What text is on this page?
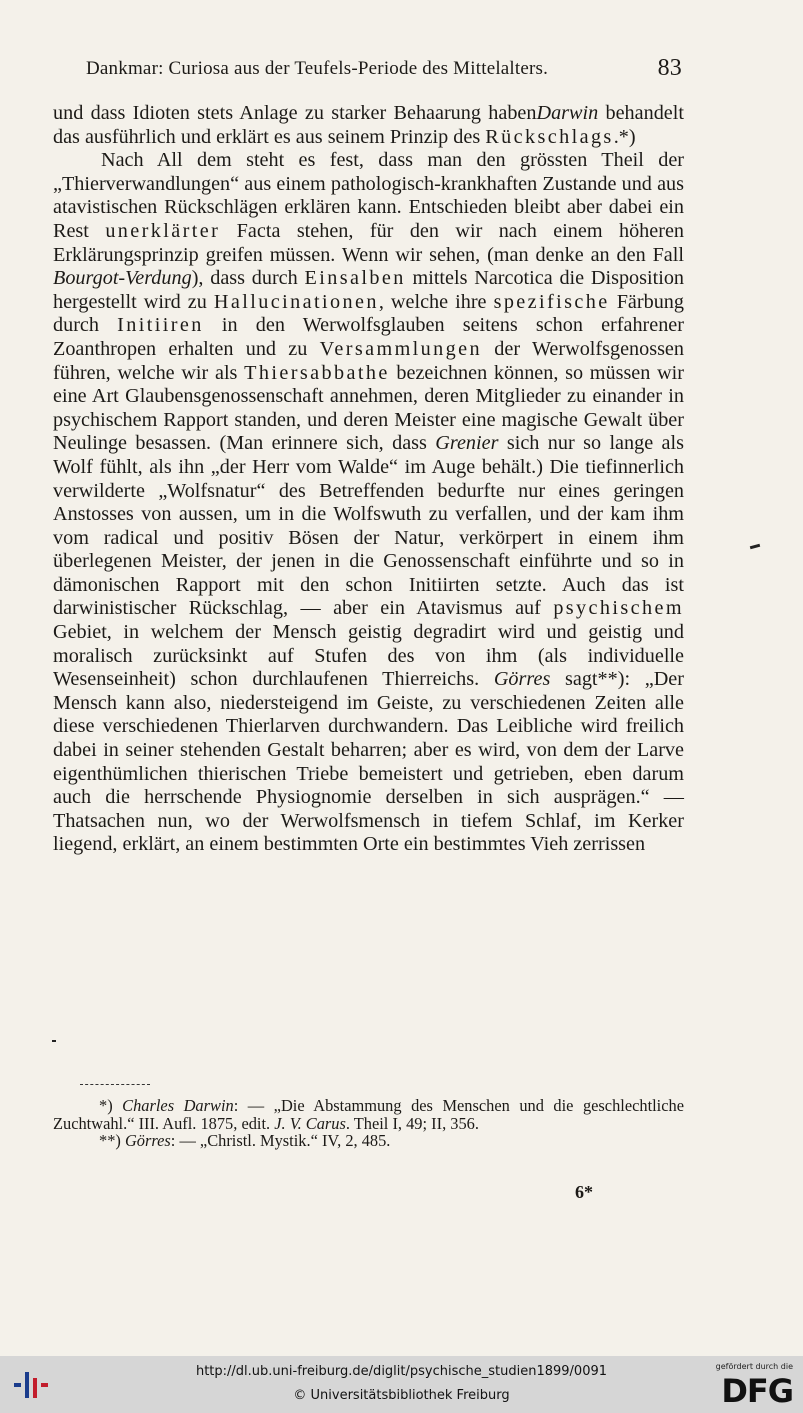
Dankmar: Curiosa aus der Teufels-Periode des Mittelalters.	83

und dass Idioten stets Anlage zu starker Behaarung habenDarwin behandelt das ausführlich und erklärt es aus seinem Prinzip des Rückschlags.*)

Nach All dem steht es fest, dass man den grössten Theil der „Thierverwandlungen“ aus einem pathologisch-krankhaften Zustande und aus atavistischen Rückschlägen erklären kann. Entschieden bleibt aber dabei ein Rest unerklärter Facta stehen, für den wir nach einem höheren Erklärungsprinzip greifen müssen. Wenn wir sehen, (man denke an den Fall Bourgot-Verdung), dass durch Einsalben mittels Narcotica die Disposition hergestellt wird zu Hallucinationen, welche ihre spezifische Färbung durch Initiiren in den Werwolfsglauben seitens schon erfahrener Zoanthropen erhalten und zu Versammlungen der Werwolfsgenossen führen, welche wir als Thiersabbathe bezeichnen können, so müssen wir eine Art Glaubensgenossenschaft annehmen, deren Mitglieder zu einander in psychischem Rapport standen, und deren Meister eine magische Gewalt über Neulinge besassen. (Man erinnere sich, dass Grenier sich nur so lange als Wolf fühlt, als ihn „der Herr vom Walde“ im Auge behält.) Die tiefinnerlich verwilderte „Wolfsnatur“ des Betreffenden bedurfte nur eines geringen Anstosses von aussen, um in die Wolfswuth zu verfallen, und der kam ihm vom radical und positiv Bösen der Natur, verkörpert in einem ihm überlegenen Meister, der jenen in die Genossenschaft einführte und so in dämonischen Rapport mit den schon Initiirten setzte. Auch das ist darwinistischer Rückschlag, — aber ein Atavismus auf psychischem Gebiet, in welchem der Mensch geistig degradirt wird und geistig und moralisch zurücksinkt auf Stufen des von ihm (als individuelle Wesenseinheit) schon durchlaufenen Thierreichs. Görres sagt**): „Der Mensch kann also, niedersteigend im Geiste, zu verschiedenen Zeiten alle diese verschiedenen Thierlarven durchwandern. Das Leibliche wird freilich dabei in seiner stehenden Gestalt beharren; aber es wird, von dem der Larve eigenthümlichen thierischen Triebe bemeistert und getrieben, eben darum auch die herrschende Physiognomie derselben in sich ausprägen.“ — Thatsachen nun, wo der Werwolfsmensch in tiefem Schlaf, im Kerker liegend, erklärt, an einem bestimmten Orte ein bestimmtes Vieh zerrissen

*) Charles Darwin: — „Die Abstammung des Menschen und die geschlechtliche Zuchtwahl.“ III. Aufl. 1875, edit. J. V. Carus. Theil I, 49; II, 356.

**) Görres: — „Christl. Mystik.“ IV, 2, 485.

6*
http://dl.ub.uni-freiburg.de/diglit/psychische_studien1899/0091
© Universitätsbibliothek Freiburg
gefördert durch die
DFG
